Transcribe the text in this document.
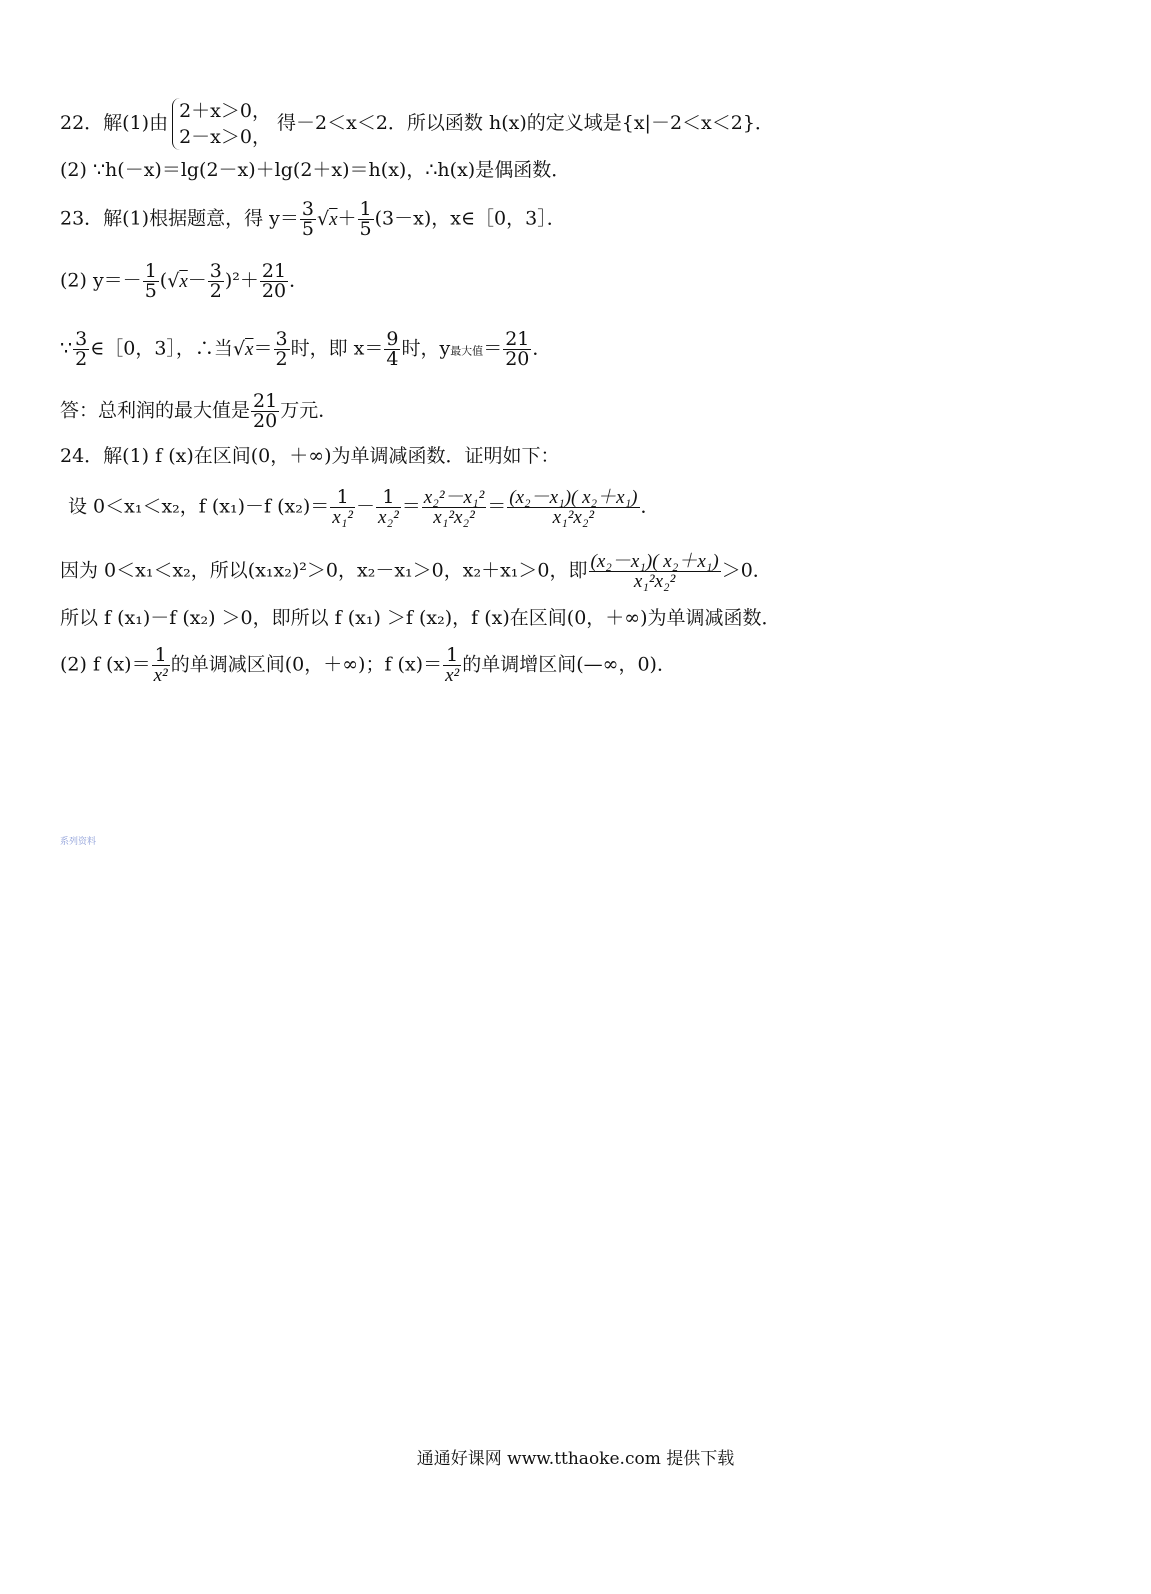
22．解(1)由
2＋x＞0，
2－x＞0，
得－2＜x＜2．所以函数 h(x)的定义域是{x|－2＜x＜2}．
(2) ∵h(－x)＝lg(2－x)＋lg(2＋x)＝h(x)，∴h(x)是偶函数．
23．解(1)根据题意，得 $y= \frac{3}{5} √x+ \frac{1}{5} (3-x)$，x∈［0，3］．
(2) $y=- \frac{1}{5} (√x- \frac{3}{2} )^2+ \frac{21}{20}$ ．
∵ $\frac{3}{2}$ ∈［0，3］，∴当$√x= \frac{3}{2}$ 时，即 $x= \frac{9}{4}$ 时，y最大值＝ $\frac{21}{20}$ ．
答：总利润的最大值是 $\frac{21}{20}$ 万元．
24．解(1) f (x)在区间(0，＋∞)为单调减函数．证明如下：
设 0＜x₁＜x₂，f (x₁)－f $(x_2)= \frac{1}{\text{x₁²}} - \frac{1}{\text{x₂²}} = \frac{\text{x₂²－x₁²}}{\text{x₁²x₂²}} = \frac{\text{(x₂－x₁)( x₂＋x₁)}}{\text{x₁²x₂²}}$ ．
因为 0＜x₁＜x₂，所以(x₁x₂)²＞0，x₂－x₁＞0，x₂＋x₁＞0，即 $\frac{\text{(x₂－x₁)( x₂＋x₁)}}{\text{x₁²x₂²}} >0$．
所以 f (x₁)－f (x₂) ＞0，即所以 f (x₁) ＞f (x₂)，f (x)在区间(0，＋∞)为单调减函数．
(2) f $(x)= \frac{1}{\text{x²}}$ 的单调减区间(0，＋∞)；f $(x)= \frac{1}{\text{x²}}$ 的单调增区间(—∞，0)．
系列资料
通通好课网 www.tthaoke.com 提供下载
